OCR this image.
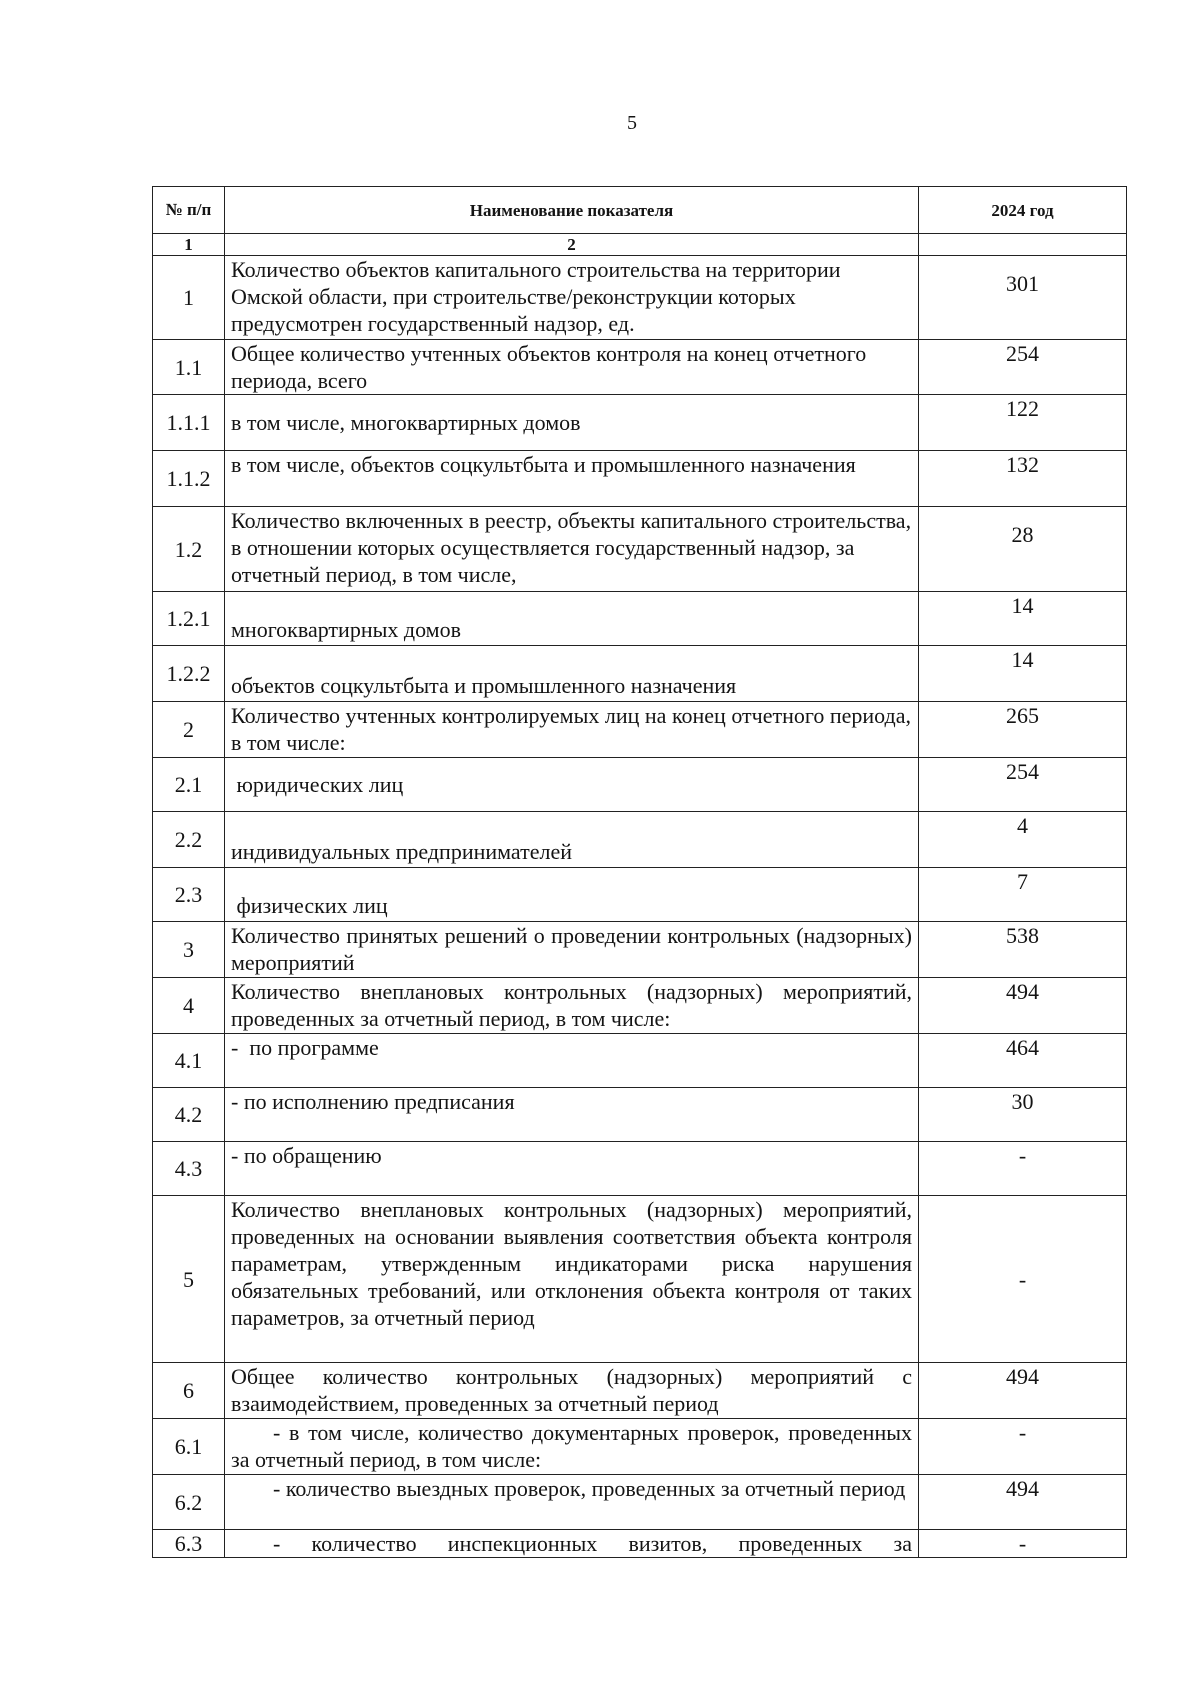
5
№ п/п	Наименование показателя	2024 год
1	2	
1	Количество объектов капитального строительства на территории Омской области, при строительстве/реконструкции которых предусмотрен государственный надзор, ед.	301
1.1	Общее количество учтенных объектов контроля на конец отчетного периода, всего	254
1.1.1	в том числе, многоквартирных домов	122
1.1.2	в том числе, объектов соцкультбыта и промышленного назначения	132
1.2	Количество включенных в реестр, объекты капитального строительства, в отношении которых осуществляется государственный надзор, за отчетный период, в том числе,	28
1.2.1	многоквартирных домов	14
1.2.2	объектов соцкультбыта и промышленного назначения	14
2	Количество учтенных контролируемых лиц на конец отчетного периода, в том числе:	265
2.1	юридических лиц	254
2.2	индивидуальных предпринимателей	4
2.3	физических лиц	7
3	Количество принятых решений о проведении контрольных (надзорных) мероприятий	538
4	Количество внеплановых контрольных (надзорных) мероприятий, проведенных за отчетный период, в том числе:	494
4.1	-  по программе	464
4.2	- по исполнению предписания	30
4.3	- по обращению	-
5	Количество внеплановых контрольных (надзорных) мероприятий, проведенных на основании выявления соответствия объекта контроля параметрам, утвержденным индикаторами риска нарушения обязательных требований, или отклонения объекта контроля от таких параметров, за отчетный период	-
6	Общее количество контрольных (надзорных) мероприятий с взаимодействием, проведенных за отчетный период	494
6.1	- в том числе, количество документарных проверок, проведенных за отчетный период, в том числе:	-
6.2	- количество выездных проверок, проведенных за отчетный период	494
6.3	- количество инспекционных визитов, проведенных за	-
